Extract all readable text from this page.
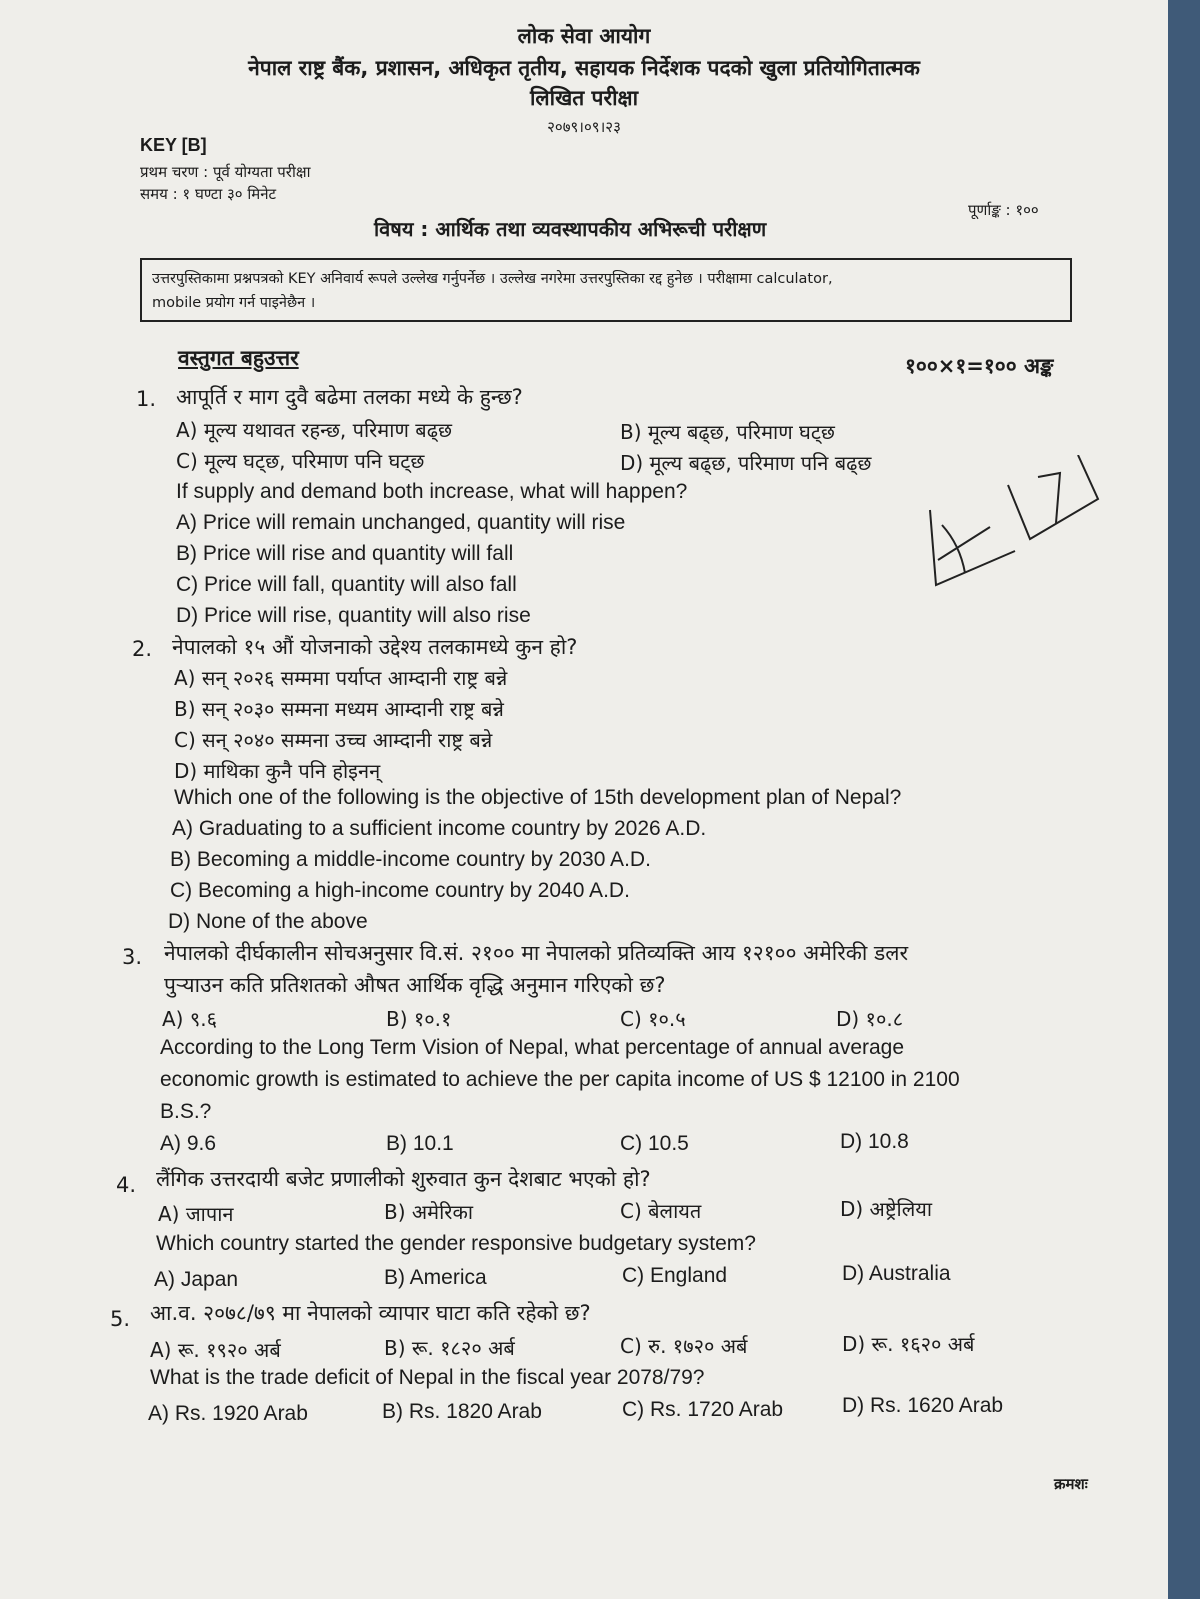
लोक सेवा आयोग
नेपाल राष्ट्र बैंक, प्रशासन, अधिकृत तृतीय, सहायक निर्देशक पदको खुला प्रतियोगितात्मक
लिखित परीक्षा
२०७९।०९।२३
KEY [B]
प्रथम चरण : पूर्व योग्यता परीक्षा
समय : १ घण्टा ३० मिनेट
पूर्णाङ्क : १००
विषय : आर्थिक तथा व्यवस्थापकीय अभिरूची परीक्षण
उत्तरपुस्तिकामा प्रश्नपत्रको KEY अनिवार्य रूपले उल्लेख गर्नुपर्नेछ । उल्लेख नगरेमा उत्तरपुस्तिका रद्द हुनेछ । परीक्षामा calculator,
mobile प्रयोग गर्न पाइनेछैन ।
वस्तुगत बहुउत्तर	१००×१=१०० अङ्क
1. आपूर्ति र माग दुवै बढेमा तलका मध्ये के हुन्छ?
A) मूल्य यथावत रहन्छ, परिमाण बढ्छ	B) मूल्य बढ्छ, परिमाण घट्छ
C) मूल्य घट्छ, परिमाण पनि घट्छ	D) मूल्य बढ्छ, परिमाण पनि बढ्छ
If supply and demand both increase, what will happen?
A) Price will remain unchanged, quantity will rise
B) Price will rise and quantity will fall
C) Price will fall, quantity will also fall
D) Price will rise, quantity will also rise
2. नेपालको १५ औं योजनाको उद्देश्य तलकामध्ये कुन हो?
A) सन् २०२६ सम्ममा पर्याप्त आम्दानी राष्ट्र बन्ने
B) सन् २०३० सम्मना मध्यम आम्दानी राष्ट्र बन्ने
C) सन् २०४० सम्मना उच्च आम्दानी राष्ट्र बन्ने
D) माथिका कुनै पनि होइनन्
Which one of the following is the objective of 15th development plan of Nepal?
A) Graduating to a sufficient income country by 2026 A.D.
B) Becoming a middle-income country by 2030 A.D.
C) Becoming a high-income country by 2040 A.D.
D) None of the above
3. नेपालको दीर्घकालीन सोचअनुसार वि.सं. २१०० मा नेपालको प्रतिव्यक्ति आय १२१०० अमेरिकी डलर
पुऱ्याउन कति प्रतिशतको औषत आर्थिक वृद्धि अनुमान गरिएको छ?
A) ९.६	B) १०.१	C) १०.५	D) १०.८
According to the Long Term Vision of Nepal, what percentage of annual average
economic growth is estimated to achieve the per capita income of US $ 12100 in 2100
B.S.?
A) 9.6	B) 10.1	C) 10.5	D) 10.8
4. लैंगिक उत्तरदायी बजेट प्रणालीको शुरुवात कुन देशबाट भएको हो?
A) जापान	B) अमेरिका	C) बेलायत	D) अष्ट्रेलिया
Which country started the gender responsive budgetary system?
A) Japan	B) America	C) England	D) Australia
5. आ.व. २०७८/७९ मा नेपालको व्यापार घाटा कति रहेको छ?
A) रू. १९२० अर्ब	B) रू. १८२० अर्ब	C) रु. १७२० अर्ब	D) रू. १६२० अर्ब
What is the trade deficit of Nepal in the fiscal year 2078/79?
A) Rs. 1920 Arab	B) Rs. 1820 Arab	C) Rs. 1720 Arab	D) Rs. 1620 Arab
क्रमशः
